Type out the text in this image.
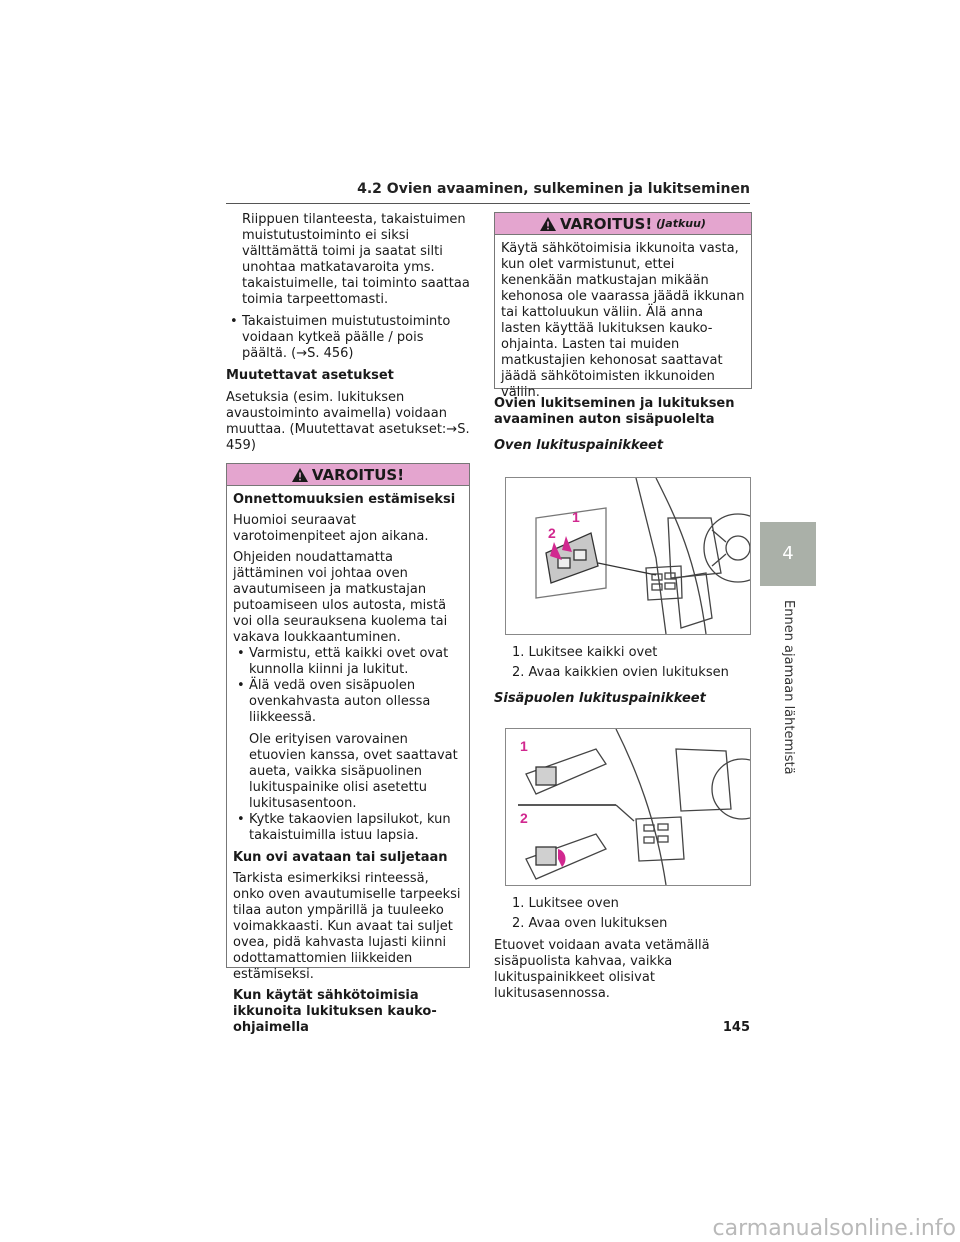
4.2 Ovien avaaminen, sulkeminen ja lukitseminen
4
Ennen ajamaan lähtemistä

Riippuen tilanteesta, takaistuimen muistutustoiminto ei siksi välttämättä toimi ja saatat silti unohtaa matkatavaroita yms. takaistuimelle, tai toiminto saattaa toimia tarpeettomasti.

• Takaistuimen muistutustoiminto voidaan kytkeä päälle / pois päältä. (→S. 456)

Muutettavat asetukset

Asetuksia (esim. lukituksen avaustoiminto avaimella) voidaan muuttaa. (Muutettavat asetukset:→S. 459)

VAROITUS!

Onnettomuuksien estämiseksi

Huomioi seuraavat varotoimenpiteet ajon aikana.

Ohjeiden noudattamatta jättäminen voi johtaa oven avautumiseen ja matkustajan putoamiseen ulos autosta, mistä voi olla seurauksena kuolema tai vakava loukkaantuminen.

• Varmistu, että kaikki ovet ovat kunnolla kiinni ja lukitut.
• Älä vedä oven sisäpuolen ovenkahvasta auton ollessa liikkeessä.

Ole erityisen varovainen etuovien kanssa, ovet saattavat aueta, vaikka sisäpuolinen lukituspainike olisi asetettu lukitusasentoon.

• Kytke takaovien lapsilukot, kun takaistuimilla istuu lapsia.

Kun ovi avataan tai suljetaan

Tarkista esimerkiksi rinteessä, onko oven avautumiselle tarpeeksi tilaa auton ympärillä ja tuuleeko voimakkaasti. Kun avaat tai suljet ovea, pidä kahvasta lujasti kiinni odottamattomien liikkeiden estämiseksi.

Kun käytät sähkötoimisia ikkunoita lukituksen kauko-ohjaimella

VAROITUS! (Jatkuu)

Käytä sähkötoimisia ikkunoita vasta, kun olet varmistunut, ettei kenenkään matkustajan mikään kehonosa ole vaarassa jäädä ikkunan tai kattoluukun väliin. Älä anna lasten käyttää lukituksen kauko-ohjainta. Lasten tai muiden matkustajien kehonosat saattavat jäädä sähkötoimisten ikkunoiden väliin.

Ovien lukitseminen ja lukituksen avaaminen auton sisäpuolelta

Oven lukituspainikkeet

1
2
1. Lukitsee kaikki ovet
2. Avaa kaikkien ovien lukituksen

Sisäpuolen lukituspainikkeet

1
2
1. Lukitsee oven
2. Avaa oven lukituksen

Etuovet voidaan avata vetämällä sisäpuolista kahvaa, vaikka lukituspainikkeet olisivat lukitusasennossa.

145
carmanualsonline.info
